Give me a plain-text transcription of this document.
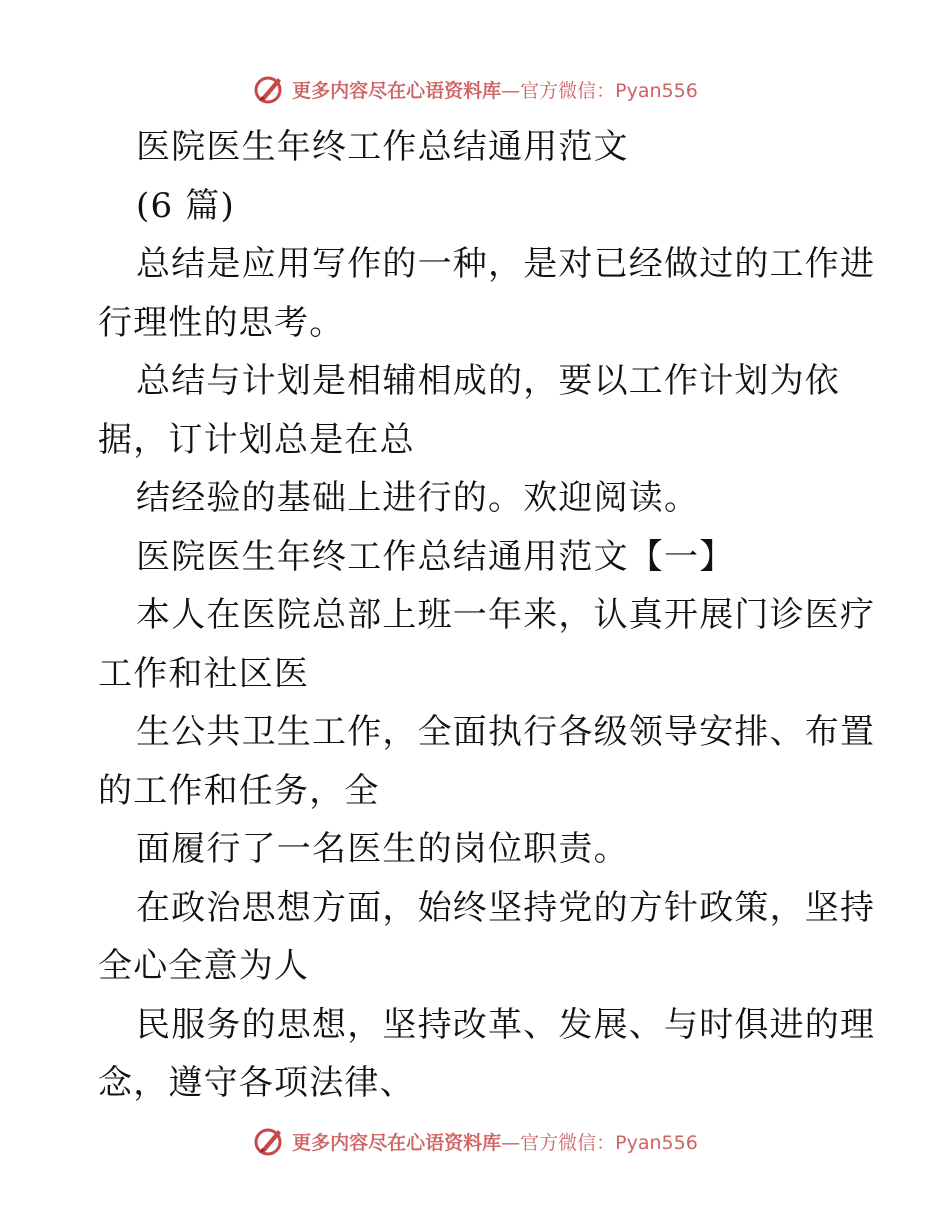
更多内容尽在心语资料库 —官方微信：Pyan556
医院医生年终工作总结通用范文
(6 篇)
总结是应用写作的一种，是对已经做过的工作进
行理性的思考。
总结与计划是相辅相成的，要以工作计划为依
据，订计划总是在总
结经验的基础上进行的。欢迎阅读。
医院医生年终工作总结通用范文【一】
本人在医院总部上班一年来，认真开展门诊医疗
工作和社区医
生公共卫生工作，全面执行各级领导安排、布置
的工作和任务，全
面履行了一名医生的岗位职责。
在政治思想方面，始终坚持党的方针政策，坚持
全心全意为人
民服务的思想，坚持改革、发展、与时俱进的理
念，遵守各项法律、
更多内容尽在心语资料库 —官方微信：Pyan556
